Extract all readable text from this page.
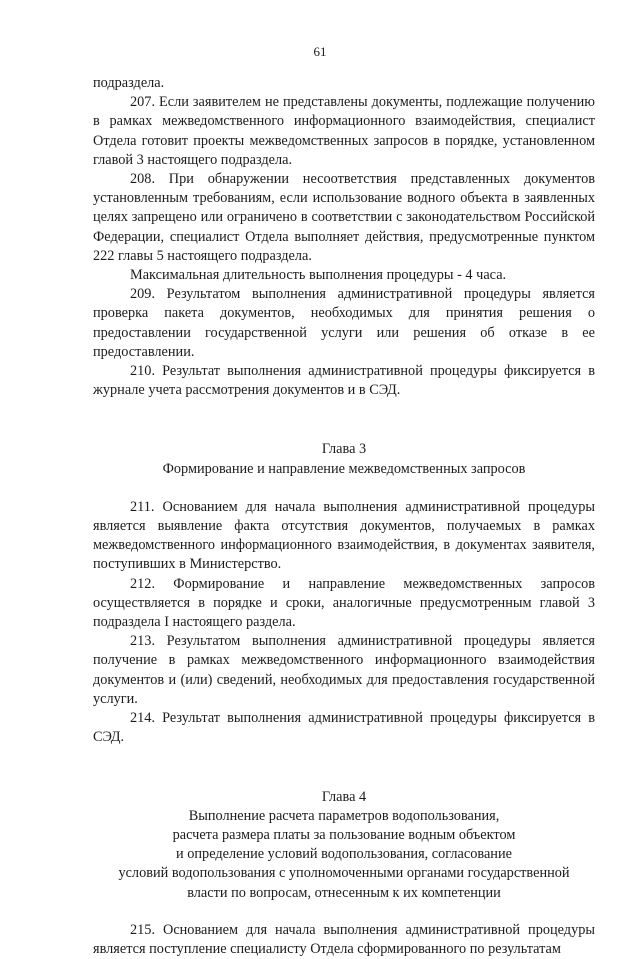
61

подраздела.

207. Если заявителем не представлены документы, подлежащие получению в рамках межведомственного информационного взаимодействия, специалист Отдела готовит проекты межведомственных запросов в порядке, установленном главой 3 настоящего подраздела.

208. При обнаружении несоответствия представленных документов установленным требованиям, если использование водного объекта в заявленных целях запрещено или ограничено в соответствии с законодательством Российской Федерации, специалист Отдела выполняет действия, предусмотренные пунктом 222 главы 5 настоящего подраздела.

Максимальная длительность выполнения процедуры - 4 часа.

209. Результатом выполнения административной процедуры является проверка пакета документов, необходимых для принятия решения о предоставлении государственной услуги или решения об отказе в ее предоставлении.

210. Результат выполнения административной процедуры фиксируется в журнале учета рассмотрения документов и в СЭД.

Глава 3

Формирование и направление межведомственных запросов

211. Основанием для начала выполнения административной процедуры является выявление факта отсутствия документов, получаемых в рамках межведомственного информационного взаимодействия, в документах заявителя, поступивших в Министерство.

212. Формирование и направление межведомственных запросов осуществляется в порядке и сроки, аналогичные предусмотренным главой 3 подраздела I настоящего раздела.

213. Результатом выполнения административной процедуры является получение в рамках межведомственного информационного взаимодействия документов и (или) сведений, необходимых для предоставления государственной услуги.

214. Результат выполнения административной процедуры фиксируется в СЭД.

Глава 4

Выполнение расчета параметров водопользования,

расчета размера платы за пользование водным объектом

и определение условий водопользования, согласование

условий водопользования с уполномоченными органами государственной

власти по вопросам, отнесенным к их компетенции

215. Основанием для начала выполнения административной процедуры является поступление специалисту Отдела сформированного по результатам
